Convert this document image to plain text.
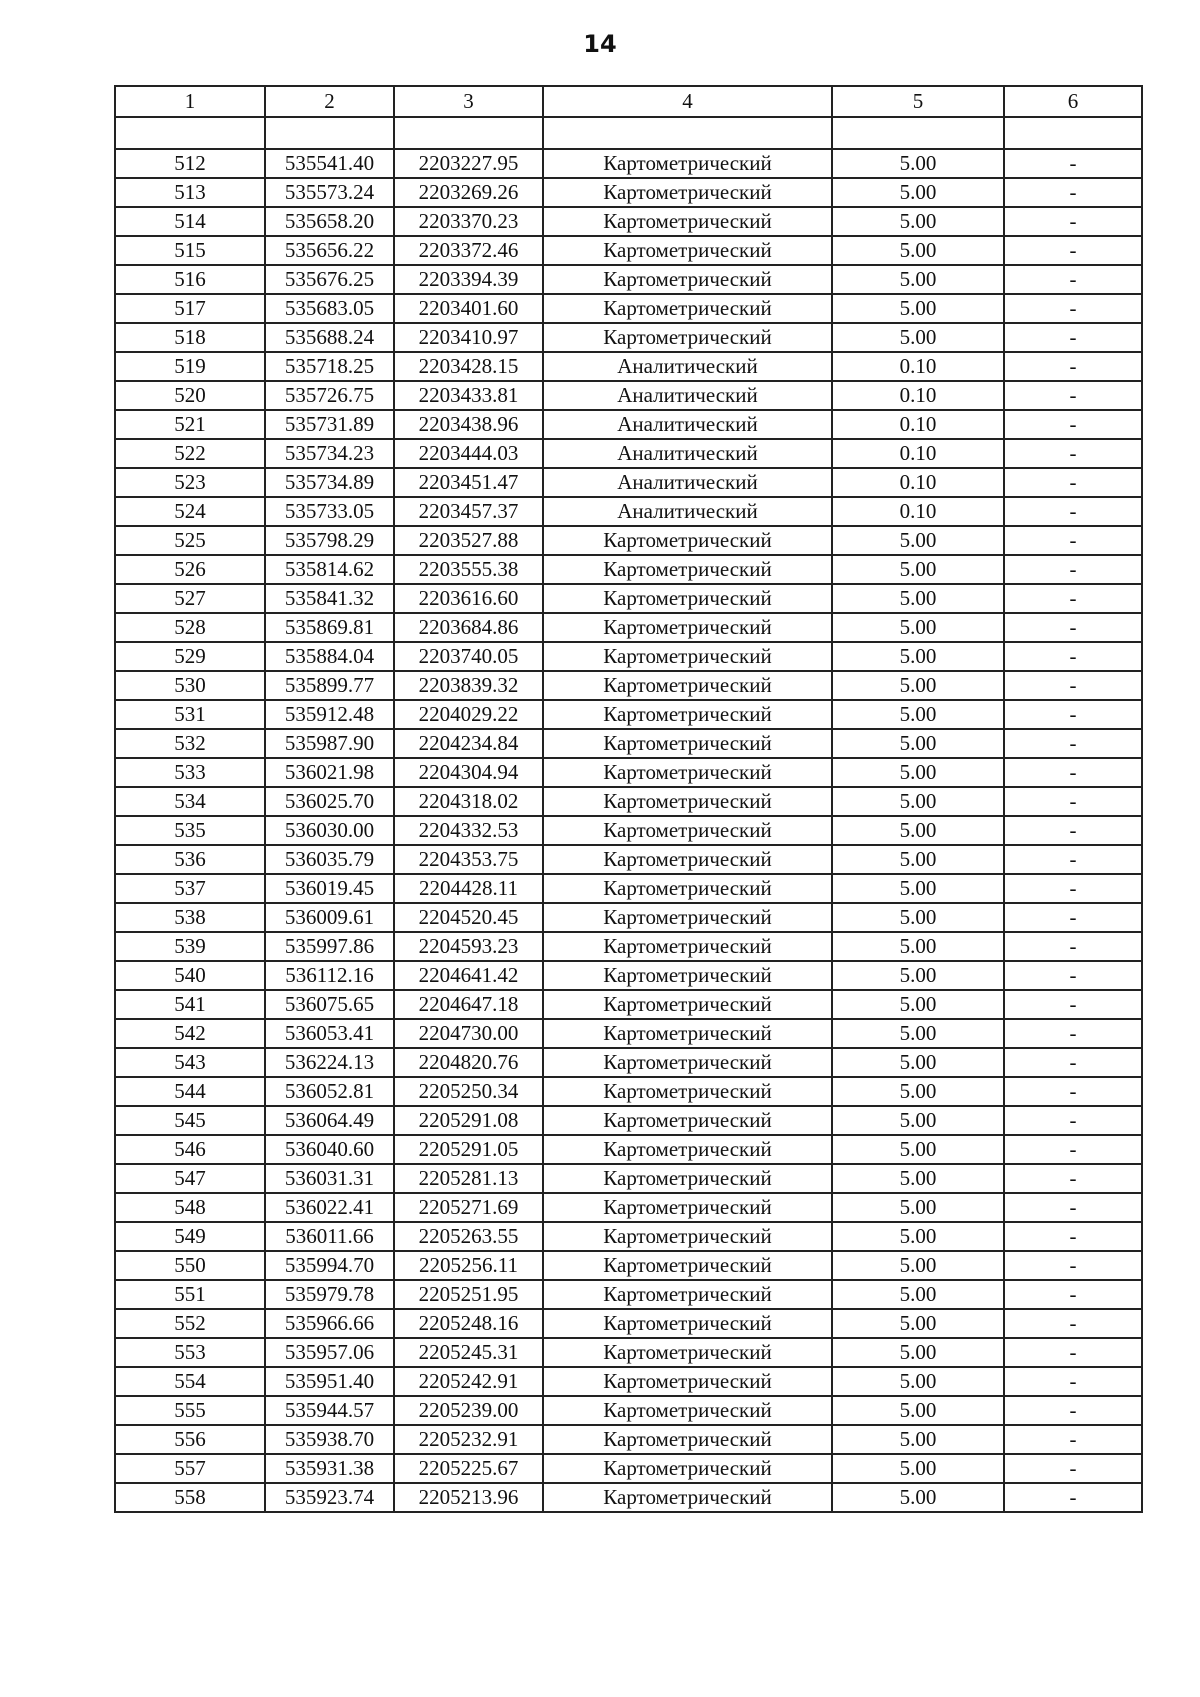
14
1	2	3	4	5	6

512	535541.40	2203227.95	Картометрический	5.00	-
513	535573.24	2203269.26	Картометрический	5.00	-
514	535658.20	2203370.23	Картометрический	5.00	-
515	535656.22	2203372.46	Картометрический	5.00	-
516	535676.25	2203394.39	Картометрический	5.00	-
517	535683.05	2203401.60	Картометрический	5.00	-
518	535688.24	2203410.97	Картометрический	5.00	-
519	535718.25	2203428.15	Аналитический	0.10	-
520	535726.75	2203433.81	Аналитический	0.10	-
521	535731.89	2203438.96	Аналитический	0.10	-
522	535734.23	2203444.03	Аналитический	0.10	-
523	535734.89	2203451.47	Аналитический	0.10	-
524	535733.05	2203457.37	Аналитический	0.10	-
525	535798.29	2203527.88	Картометрический	5.00	-
526	535814.62	2203555.38	Картометрический	5.00	-
527	535841.32	2203616.60	Картометрический	5.00	-
528	535869.81	2203684.86	Картометрический	5.00	-
529	535884.04	2203740.05	Картометрический	5.00	-
530	535899.77	2203839.32	Картометрический	5.00	-
531	535912.48	2204029.22	Картометрический	5.00	-
532	535987.90	2204234.84	Картометрический	5.00	-
533	536021.98	2204304.94	Картометрический	5.00	-
534	536025.70	2204318.02	Картометрический	5.00	-
535	536030.00	2204332.53	Картометрический	5.00	-
536	536035.79	2204353.75	Картометрический	5.00	-
537	536019.45	2204428.11	Картометрический	5.00	-
538	536009.61	2204520.45	Картометрический	5.00	-
539	535997.86	2204593.23	Картометрический	5.00	-
540	536112.16	2204641.42	Картометрический	5.00	-
541	536075.65	2204647.18	Картометрический	5.00	-
542	536053.41	2204730.00	Картометрический	5.00	-
543	536224.13	2204820.76	Картометрический	5.00	-
544	536052.81	2205250.34	Картометрический	5.00	-
545	536064.49	2205291.08	Картометрический	5.00	-
546	536040.60	2205291.05	Картометрический	5.00	-
547	536031.31	2205281.13	Картометрический	5.00	-
548	536022.41	2205271.69	Картометрический	5.00	-
549	536011.66	2205263.55	Картометрический	5.00	-
550	535994.70	2205256.11	Картометрический	5.00	-
551	535979.78	2205251.95	Картометрический	5.00	-
552	535966.66	2205248.16	Картометрический	5.00	-
553	535957.06	2205245.31	Картометрический	5.00	-
554	535951.40	2205242.91	Картометрический	5.00	-
555	535944.57	2205239.00	Картометрический	5.00	-
556	535938.70	2205232.91	Картометрический	5.00	-
557	535931.38	2205225.67	Картометрический	5.00	-
558	535923.74	2205213.96	Картометрический	5.00	-
